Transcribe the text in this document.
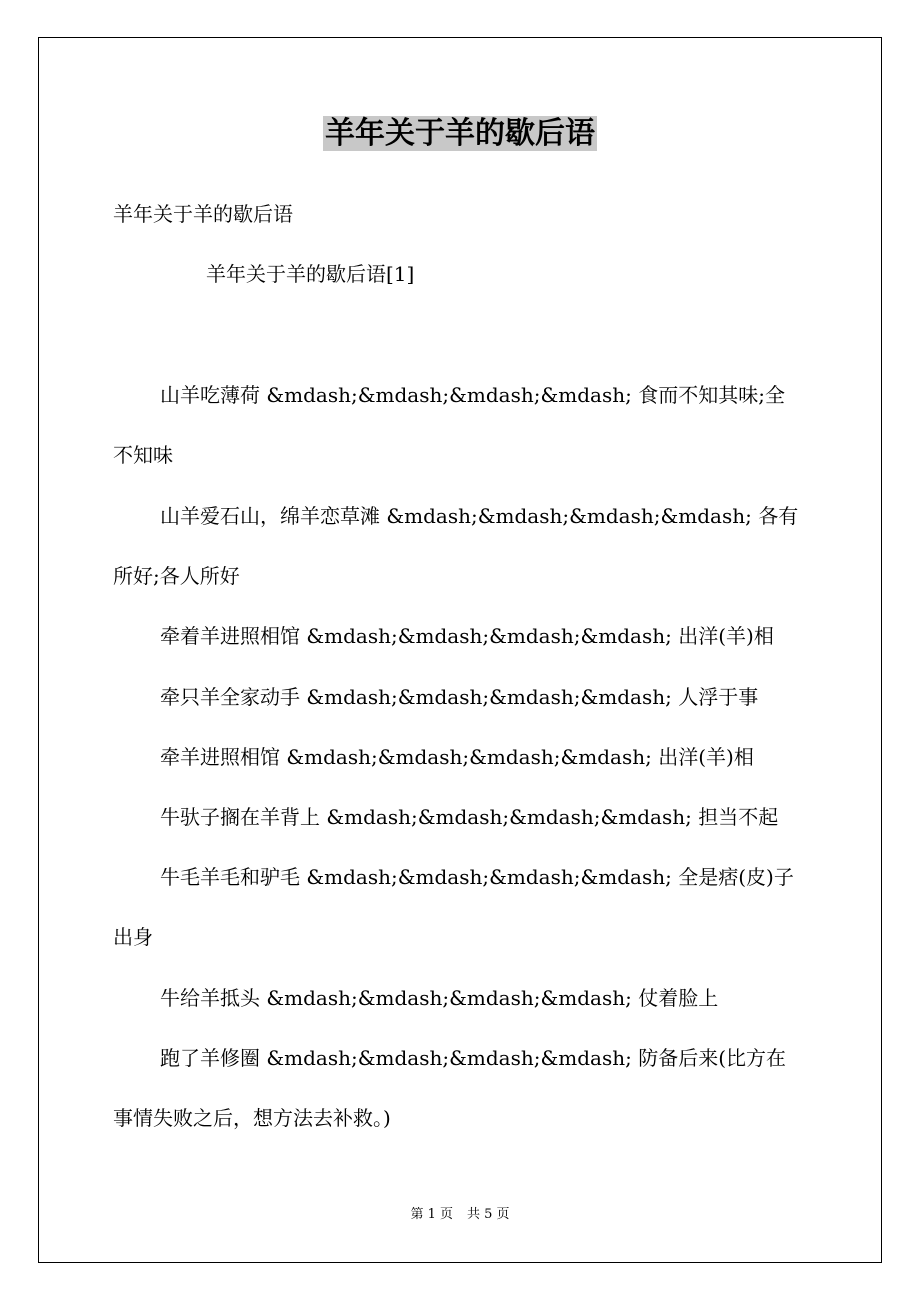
羊年关于羊的歇后语
羊年关于羊的歇后语
羊年关于羊的歇后语[1]
山羊吃薄荷 &mdash;&mdash;&mdash;&mdash; 食而不知其味;全
不知味
山羊爱石山，绵羊恋草滩 &mdash;&mdash;&mdash;&mdash; 各有
所好;各人所好
牵着羊进照相馆 &mdash;&mdash;&mdash;&mdash; 出洋(羊)相
牵只羊全家动手 &mdash;&mdash;&mdash;&mdash; 人浮于事
牵羊进照相馆 &mdash;&mdash;&mdash;&mdash; 出洋(羊)相
牛驮子搁在羊背上 &mdash;&mdash;&mdash;&mdash; 担当不起
牛毛羊毛和驴毛 &mdash;&mdash;&mdash;&mdash; 全是痞(皮)子
出身
牛给羊抵头 &mdash;&mdash;&mdash;&mdash; 仗着脸上
跑了羊修圈 &mdash;&mdash;&mdash;&mdash; 防备后来(比方在
事情失败之后，想方法去补救。)
第 1 页 共 5 页
